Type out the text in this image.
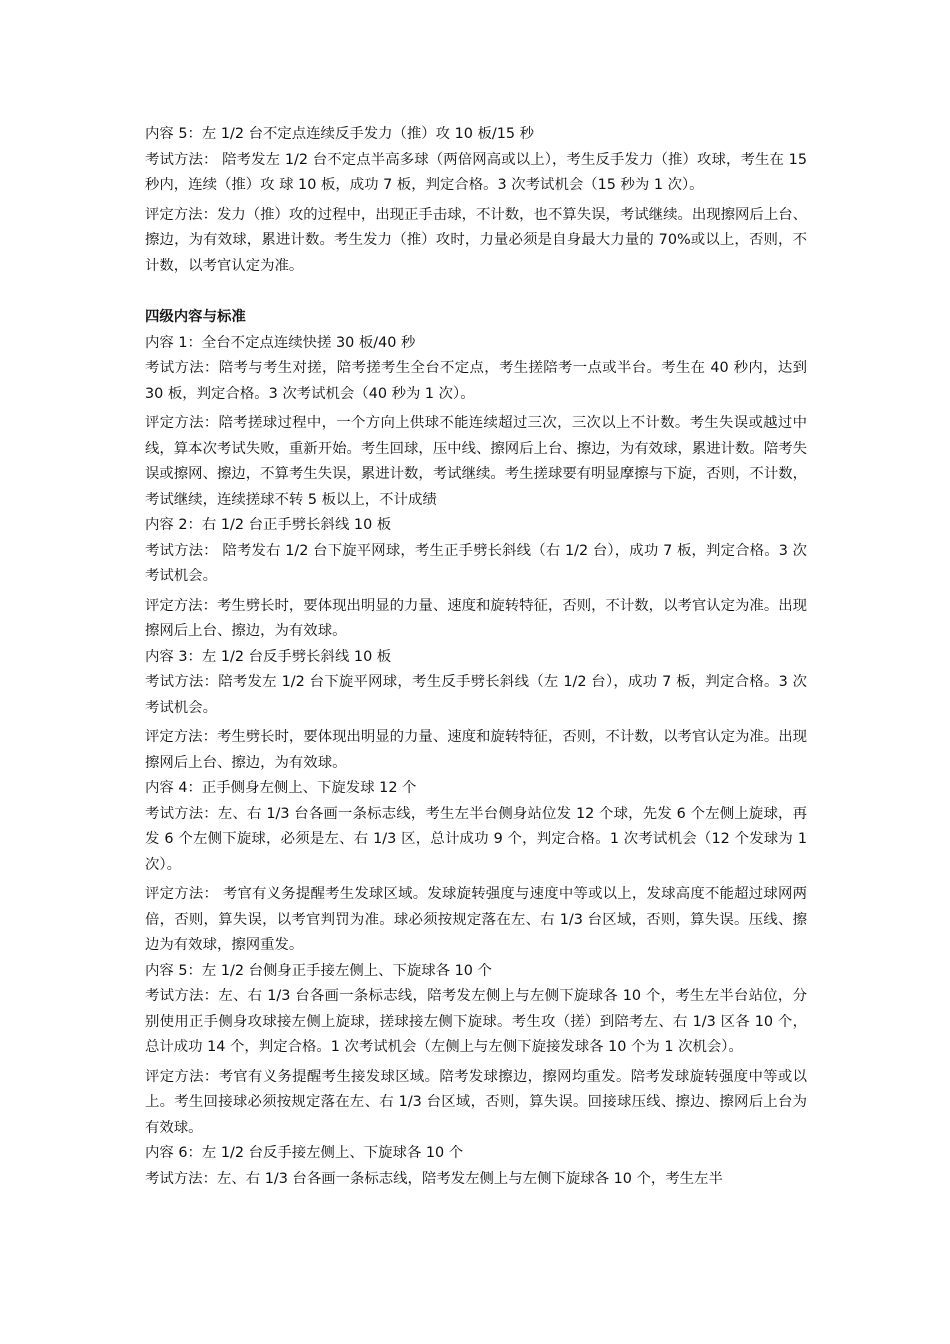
内容 5：左 1/2 台不定点连续反手发力（推）攻 10 板/15 秒

考试方法： 陪考发左 1/2 台不定点半高多球（两倍网高或以上），考生反手发力（推）攻球，考生在 15 秒内，连续（推）攻 球 10 板，成功 7 板，判定合格。3 次考试机会（15 秒为 1 次）。

评定方法：发力（推）攻的过程中，出现正手击球，不计数，也不算失误，考试继续。出现擦网后上台、擦边，为有效球，累进计数。考生发力（推）攻时，力量必须是自身最大力量的 70%或以上，否则，不计数，以考官认定为准。

四级内容与标准

内容 1：全台不定点连续快搓 30 板/40 秒

考试方法：陪考与考生对搓，陪考搓考生全台不定点，考生搓陪考一点或半台。考生在 40 秒内，达到 30 板，判定合格。3 次考试机会（40 秒为 1 次）。

评定方法：陪考搓球过程中，一个方向上供球不能连续超过三次，三次以上不计数。考生失误或越过中线，算本次考试失败，重新开始。考生回球，压中线、擦网后上台、擦边，为有效球，累进计数。陪考失误或擦网、擦边，不算考生失误，累进计数，考试继续。考生搓球要有明显摩擦与下旋，否则，不计数，考试继续，连续搓球不转 5 板以上，不计成绩

内容 2：右 1/2 台正手劈长斜线 10 板

考试方法： 陪考发右 1/2 台下旋平网球，考生正手劈长斜线（右 1/2 台），成功 7 板，判定合格。3 次考试机会。

评定方法：考生劈长时，要体现出明显的力量、速度和旋转特征，否则，不计数，以考官认定为准。出现擦网后上台、擦边，为有效球。

内容 3：左 1/2 台反手劈长斜线 10 板

考试方法：陪考发左 1/2 台下旋平网球，考生反手劈长斜线（左 1/2 台），成功 7 板，判定合格。3 次考试机会。

评定方法：考生劈长时，要体现出明显的力量、速度和旋转特征，否则，不计数，以考官认定为准。出现擦网后上台、擦边，为有效球。

内容 4：正手侧身左侧上、下旋发球 12 个

考试方法：左、右 1/3 台各画一条标志线，考生左半台侧身站位发 12 个球，先发 6 个左侧上旋球，再发 6 个左侧下旋球，必须是左、右 1/3 区，总计成功 9 个，判定合格。1 次考试机会（12 个发球为 1 次）。

评定方法： 考官有义务提醒考生发球区域。发球旋转强度与速度中等或以上，发球高度不能超过球网两倍，否则，算失误，以考官判罚为准。球必须按规定落在左、右 1/3 台区域，否则，算失误。压线、擦边为有效球，擦网重发。

内容 5：左 1/2 台侧身正手接左侧上、下旋球各 10 个

考试方法：左、右 1/3 台各画一条标志线，陪考发左侧上与左侧下旋球各 10 个，考生左半台站位，分别使用正手侧身攻球接左侧上旋球，搓球接左侧下旋球。考生攻（搓）到陪考左、右 1/3 区各 10 个，总计成功 14 个，判定合格。1 次考试机会（左侧上与左侧下旋接发球各 10 个为 1 次机会）。

评定方法：考官有义务提醒考生接发球区域。陪考发球擦边，擦网均重发。陪考发球旋转强度中等或以上。考生回接球必须按规定落在左、右 1/3 台区域，否则，算失误。回接球压线、擦边、擦网后上台为有效球。

内容 6：左 1/2 台反手接左侧上、下旋球各 10 个

考试方法：左、右 1/3 台各画一条标志线，陪考发左侧上与左侧下旋球各 10 个，考生左半
